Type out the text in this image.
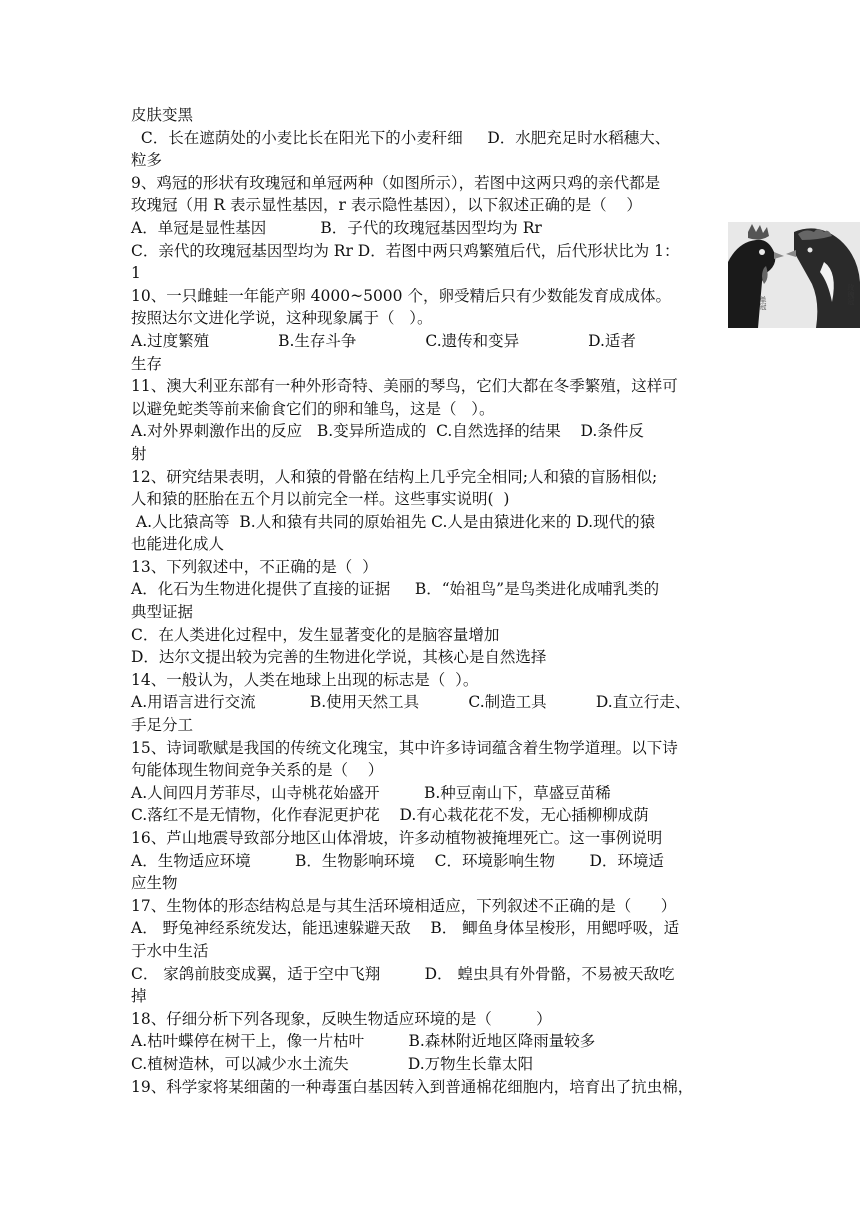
皮肤变黑
C．长在遮荫处的小麦比长在阳光下的小麦秆细     D．水肥充足时水稻穗大、
粒多
9、鸡冠的形状有玫瑰冠和单冠两种（如图所示），若图中这两只鸡的亲代都是
玫瑰冠（用 R 表示显性基因，r 表示隐性基因），以下叙述正确的是（    ）
A．单冠是显性基因           B．子代的玫瑰冠基因型均为 Rr
C．亲代的玫瑰冠基因型均为 Rr D．若图中两只鸡繁殖后代，后代形状比为 1：
1
10、一只雌蛙一年能产卵 4000~5000 个，卵受精后只有少数能发育成成体。
按照达尔文进化学说，这种现象属于（   ）。
A.过度繁殖              B.生存斗争              C.遗传和变异              D.适者
生存
11、澳大利亚东部有一种外形奇特、美丽的琴鸟，它们大都在冬季繁殖，这样可
以避免蛇类等前来偷食它们的卵和雏鸟，这是（   ）。
A.对外界刺激作出的反应   B.变异所造成的  C.自然选择的结果    D.条件反
射
12、研究结果表明，人和猿的骨骼在结构上几乎完全相同;人和猿的盲肠相似;
人和猿的胚胎在五个月以前完全一样。这些事实说明(  )
A.人比猿高等  B.人和猿有共同的原始祖先 C.人是由猿进化来的 D.现代的猿
也能进化成人
13、下列叙述中，不正确的是（  ）
A．化石为生物进化提供了直接的证据     B．“始祖鸟”是鸟类进化成哺乳类的
典型证据
C．在人类进化过程中，发生显著变化的是脑容量增加
D．达尔文提出较为完善的生物进化学说，其核心是自然选择
14、一般认为，人类在地球上出现的标志是（  ）。
A.用语言进行交流           B.使用天然工具          C.制造工具          D.直立行走、
手足分工
15、诗词歌赋是我国的传统文化瑰宝，其中许多诗词蕴含着生物学道理。以下诗
句能体现生物间竞争关系的是（    ）
A.人间四月芳菲尽，山寺桃花始盛开         B.种豆南山下，草盛豆苗稀
C.落红不是无情物，化作春泥更护花    D.有心栽花花不发，无心插柳柳成荫
16、芦山地震导致部分地区山体滑坡，许多动植物被掩埋死亡。这一事例说明
A．生物适应环境         B．生物影响环境    C．环境影响生物       D．环境适
应生物
17、生物体的形态结构总是与其生活环境相适应，下列叙述不正确的是（      ）
A． 野兔神经系统发达，能迅速躲避天敌    B． 鲫鱼身体呈梭形，用鳃呼吸，适
于水中生活
C． 家鸽前肢变成翼，适于空中飞翔         D． 蝗虫具有外骨骼，不易被天敌吃
掉
18、仔细分析下列各现象，反映生物适应环境的是（         ）
A.枯叶蝶停在树干上，像一片枯叶         B.森林附近地区降雨量较多
C.植树造林，可以减少水土流失            D.万物生长靠太阳
19、科学家将某细菌的一种毒蛋白基因转入到普通棉花细胞内，培育出了抗虫棉，
单冠	玫瑰冠
